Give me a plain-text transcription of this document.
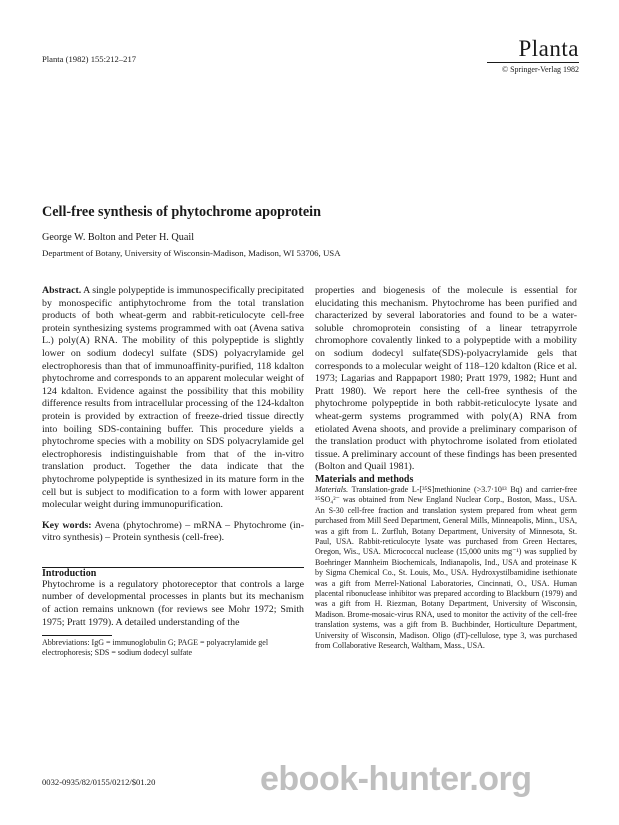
Planta (1982) 155:212–217	Planta
© Springer-Verlag 1982
Cell-free synthesis of phytochrome apoprotein
George W. Bolton and Peter H. Quail
Department of Botany, University of Wisconsin-Madison, Madison, WI 53706, USA

Abstract. A single polypeptide is immunospecifically precipitated by monospecific antiphytochrome from the total translation products of both wheat-germ and rabbit-reticulocyte cell-free protein synthesizing systems programmed with oat (Avena sativa L.) poly(A) RNA. The mobility of this polypeptide is slightly lower on sodium dodecyl sulfate (SDS) polyacrylamide gel electrophoresis than that of immunoaffinity-purified, 118 kdalton phytochrome and corresponds to an apparent molecular weight of 124 kdalton. Evidence against the possibility that this mobility difference results from intracellular processing of the 124-kdalton protein is provided by extraction of freeze-dried tissue directly into boiling SDS-containing buffer. This procedure yields a phytochrome species with a mobility on SDS polyacrylamide gel electrophoresis indistinguishable from that of the in-vitro translation product. Together the data indicate that the phytochrome polypeptide is synthesized in its mature form in the cell but is subject to modification to a form with lower apparent molecular weight during immunopurification.

Key words: Avena (phytochrome) – mRNA – Phytochrome (in-vitro synthesis) – Protein synthesis (cell-free).

Introduction

Phytochrome is a regulatory photoreceptor that controls a large number of developmental processes in plants but its mechanism of action remains unknown (for reviews see Mohr 1972; Smith 1975; Pratt 1979). A detailed understanding of the

Abbreviations: IgG = immunoglobulin G; PAGE = polyacrylamide gel electrophoresis; SDS = sodium dodecyl sulfate

properties and biogenesis of the molecule is essential for elucidating this mechanism. Phytochrome has been purified and characterized by several laboratories and found to be a water-soluble chromoprotein consisting of a linear tetrapyrrole chromophore covalently linked to a polypeptide with a mobility on sodium dodecyl sulfate(SDS)-polyacrylamide gels that corresponds to a molecular weight of 118–120 kdalton (Rice et al. 1973; Lagarias and Rappaport 1980; Pratt 1979, 1982; Hunt and Pratt 1980). We report here the cell-free synthesis of the phytochrome polypeptide in both rabbit-reticulocyte lysate and wheat-germ systems programmed with poly(A) RNA from etiolated Avena shoots, and provide a preliminary comparison of the translation product with phytochrome isolated from etiolated tissue. A preliminary account of these findings has been presented (Bolton and Quail 1981).

Materials and methods

Materials. Translation-grade L-[³⁵S]methionine (>3.7·10¹³ Bq) and carrier-free ³⁵SO₄²⁻ was obtained from New England Nuclear Corp., Boston, Mass., USA. An S-30 cell-free fraction and translation system prepared from wheat germ purchased from Mill Seed Department, General Mills, Minneapolis, Minn., USA, was a gift from L. Zurfluh, Botany Department, University of Minnesota, St. Paul, USA. Rabbit-reticulocyte lysate was purchased from Green Hectares, Oregon, Wis., USA. Micrococcal nuclease (15,000 units mg⁻¹) was supplied by Boehringer Mannheim Biochemicals, Indianapolis, Ind., USA and proteinase K by Sigma Chemical Co., St. Louis, Mo., USA. Hydroxystilbamidine isethionate was a gift from Merrel-National Laboratories, Cincinnati, O., USA. Human placental ribonuclease inhibitor was prepared according to Blackburn (1979) and was a gift from H. Riezman, Botany Department, University of Wisconsin, Madison. Brome-mosaic-virus RNA, used to monitor the activity of the cell-free translation systems, was a gift from B. Buchbinder, Horticulture Department, University of Wisconsin, Madison. Oligo (dT)-cellulose, type 3, was purchased from Collaborative Research, Waltham, Mass., USA.

0032-0935/82/0155/0212/$01.20	ebook-hunter.org
